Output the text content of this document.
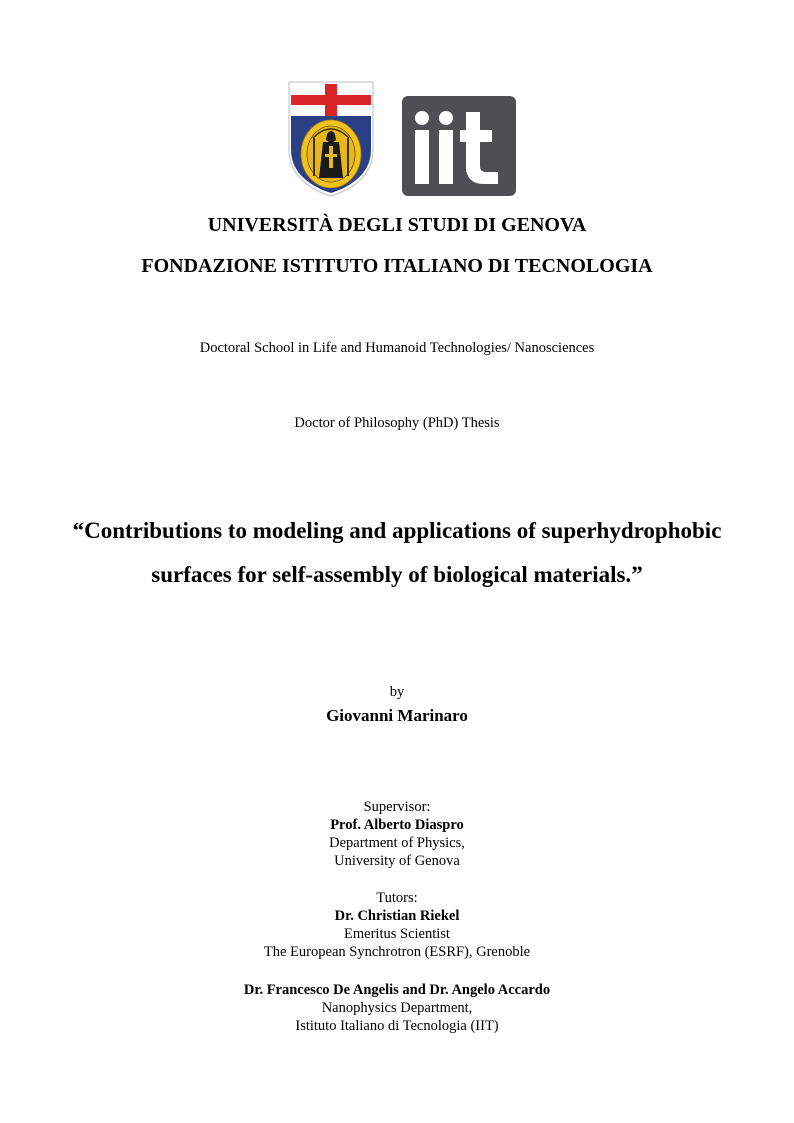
UNIVERSITÀ DEGLI STUDI DI GENOVA
FONDAZIONE ISTITUTO ITALIANO DI TECNOLOGIA
Doctoral School in Life and Humanoid Technologies/ Nanosciences
Doctor of Philosophy (PhD) Thesis
“Contributions to modeling and applications of superhydrophobic
surfaces for self-assembly of biological materials.”
by
Giovanni Marinaro
Supervisor:
Prof. Alberto Diaspro
Department of Physics,
University of Genova
Tutors:
Dr. Christian Riekel
Emeritus Scientist
The European Synchrotron (ESRF), Grenoble
Dr. Francesco De Angelis and Dr. Angelo Accardo
Nanophysics Department,
Istituto Italiano di Tecnologia (IIT)
